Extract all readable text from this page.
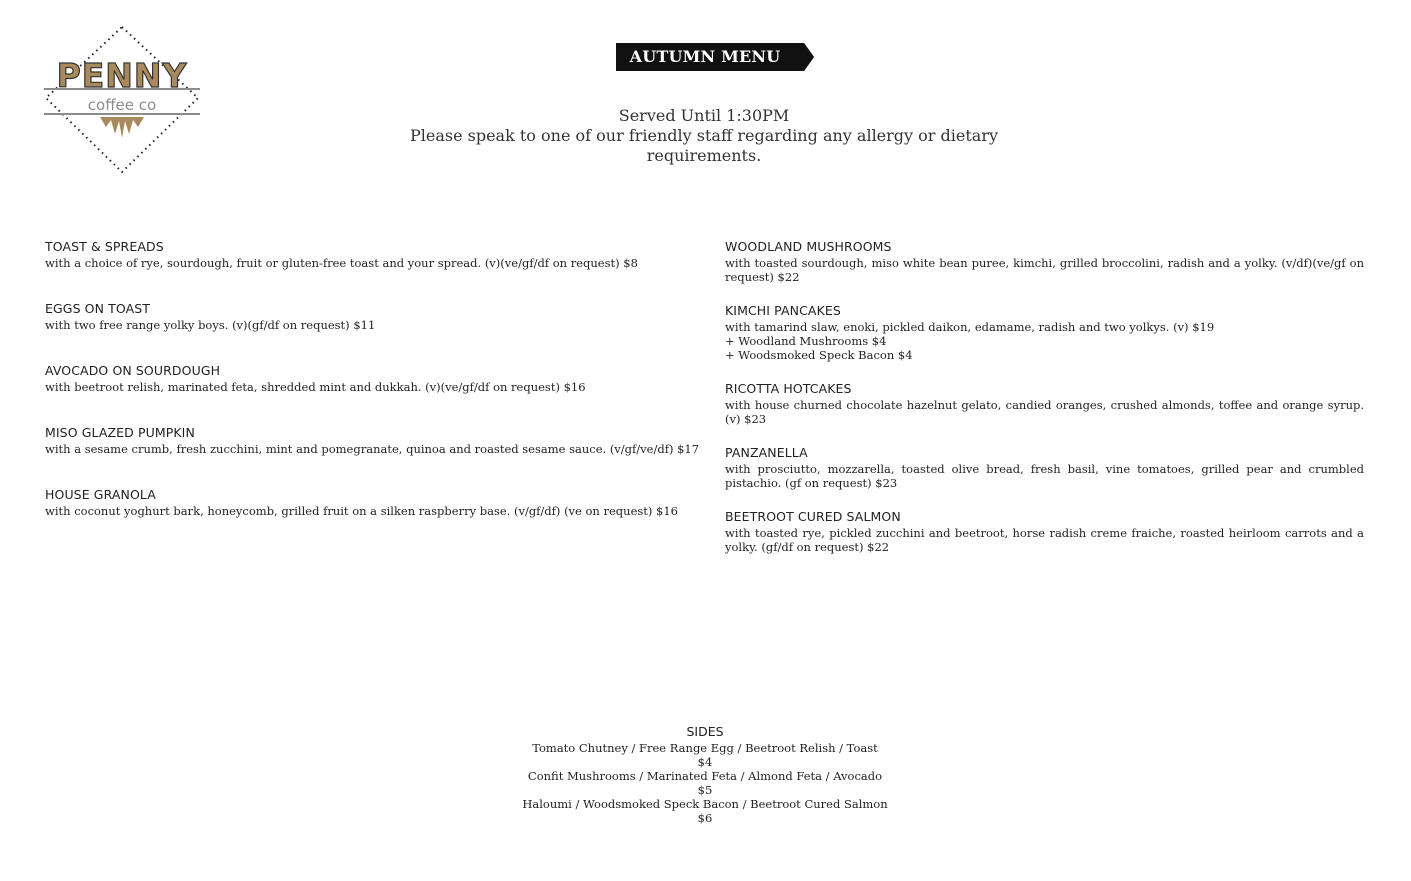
PENNY
coffee co
AUTUMN MENU
Served Until 1:30PM
Please speak to one of our friendly staff regarding any allergy or dietary requirements.
TOAST & SPREADS
with a choice of rye, sourdough, fruit or gluten-free toast and your spread. (v)(ve/gf/df on request) $8
EGGS ON TOAST
with two free range yolky boys. (v)(gf/df on request) $11
AVOCADO ON SOURDOUGH
with beetroot relish, marinated feta, shredded mint and dukkah. (v)(ve/gf/df on request) $16
MISO GLAZED PUMPKIN
with a sesame crumb, fresh zucchini, mint and pomegranate, quinoa and roasted sesame sauce. (v/gf/ve/df) $17
HOUSE GRANOLA
with coconut yoghurt bark, honeycomb, grilled fruit on a silken raspberry base. (v/gf/df) (ve on request) $16
WOODLAND MUSHROOMS
with toasted sourdough, miso white bean puree, kimchi, grilled broccolini, radish and a yolky. (v/df)(ve/gf on request) $22
KIMCHI PANCAKES
with tamarind slaw, enoki, pickled daikon, edamame, radish and two yolkys. (v) $19
+ Woodland Mushrooms $4
+ Woodsmoked Speck Bacon $4
RICOTTA HOTCAKES
with house churned chocolate hazelnut gelato, candied oranges, crushed almonds, toffee and orange syrup. (v) $23
PANZANELLA
with prosciutto, mozzarella, toasted olive bread, fresh basil, vine tomatoes, grilled pear and crumbled pistachio. (gf on request) $23
BEETROOT CURED SALMON
with toasted rye, pickled zucchini and beetroot, horse radish creme fraiche, roasted heirloom carrots and a yolky. (gf/df on request) $22
SIDES
Tomato Chutney / Free Range Egg / Beetroot Relish / Toast
$4
Confit Mushrooms / Marinated Feta / Almond Feta / Avocado
$5
Haloumi / Woodsmoked Speck Bacon / Beetroot Cured Salmon
$6
